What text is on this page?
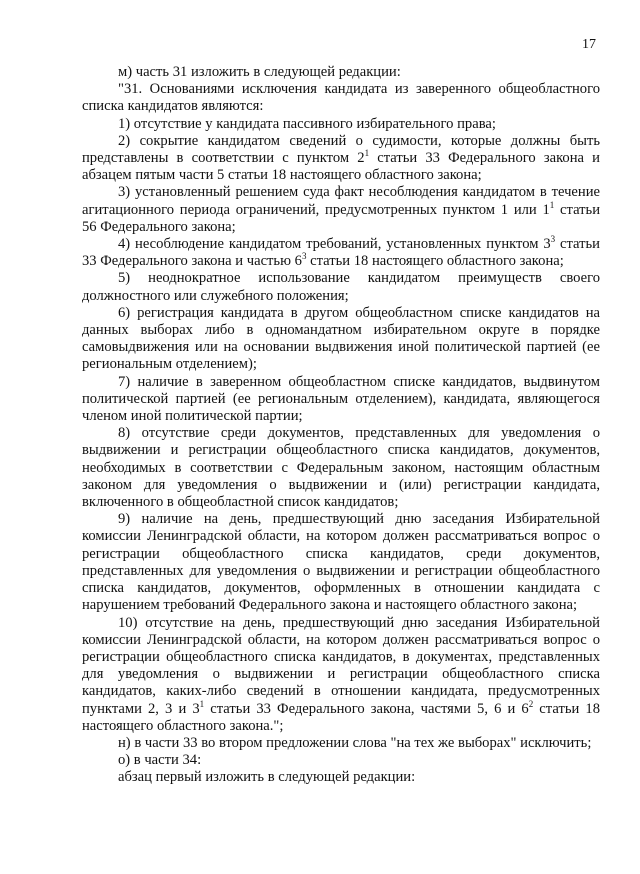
17

м) часть 31 изложить в следующей редакции:

"31. Основаниями исключения кандидата из заверенного общеобластного списка кандидатов являются:

1) отсутствие у кандидата пассивного избирательного права;

2) сокрытие кандидатом сведений о судимости, которые должны быть представлены в соответствии с пунктом $2^1$ статьи 33 Федерального закона и абзацем пятым части 5 статьи 18 настоящего областного закона;

3) установленный решением суда факт несоблюдения кандидатом в течение агитационного периода ограничений, предусмотренных пунктом 1 или $1^1$ статьи 56 Федерального закона;

4) несоблюдение кандидатом требований, установленных пунктом $3^3$ статьи 33 Федерального закона и частью $6^3$ статьи 18 настоящего областного закона;

5) неоднократное использование кандидатом преимуществ своего должностного или служебного положения;

6) регистрация кандидата в другом общеобластном списке кандидатов на данных выборах либо в одномандатном избирательном округе в порядке самовыдвижения или на основании выдвижения иной политической партией (ее региональным отделением);

7) наличие в заверенном общеобластном списке кандидатов, выдвинутом политической партией (ее региональным отделением), кандидата, являющегося членом иной политической партии;

8) отсутствие среди документов, представленных для уведомления о выдвижении и регистрации общеобластного списка кандидатов, документов, необходимых в соответствии с Федеральным законом, настоящим областным законом для уведомления о выдвижении и (или) регистрации кандидата, включенного в общеобластной список кандидатов;

9) наличие на день, предшествующий дню заседания Избирательной комиссии Ленинградской области, на котором должен рассматриваться вопрос о регистрации общеобластного списка кандидатов, среди документов, представленных для уведомления о выдвижении и регистрации общеобластного списка кандидатов, документов, оформленных в отношении кандидата с нарушением требований Федерального закона и настоящего областного закона;

10) отсутствие на день, предшествующий дню заседания Избирательной комиссии Ленинградской области, на котором должен рассматриваться вопрос о регистрации общеобластного списка кандидатов, в документах, представленных для уведомления о выдвижении и регистрации общеобластного списка кандидатов, каких-либо сведений в отношении кандидата, предусмотренных пунктами 2, 3 и $3^1$ статьи 33 Федерального закона, частями 5, 6 и $6^2$ статьи 18 настоящего областного закона.";

н) в части 33 во втором предложении слова "на тех же выборах" исключить;

о) в части 34:

абзац первый изложить в следующей редакции:
